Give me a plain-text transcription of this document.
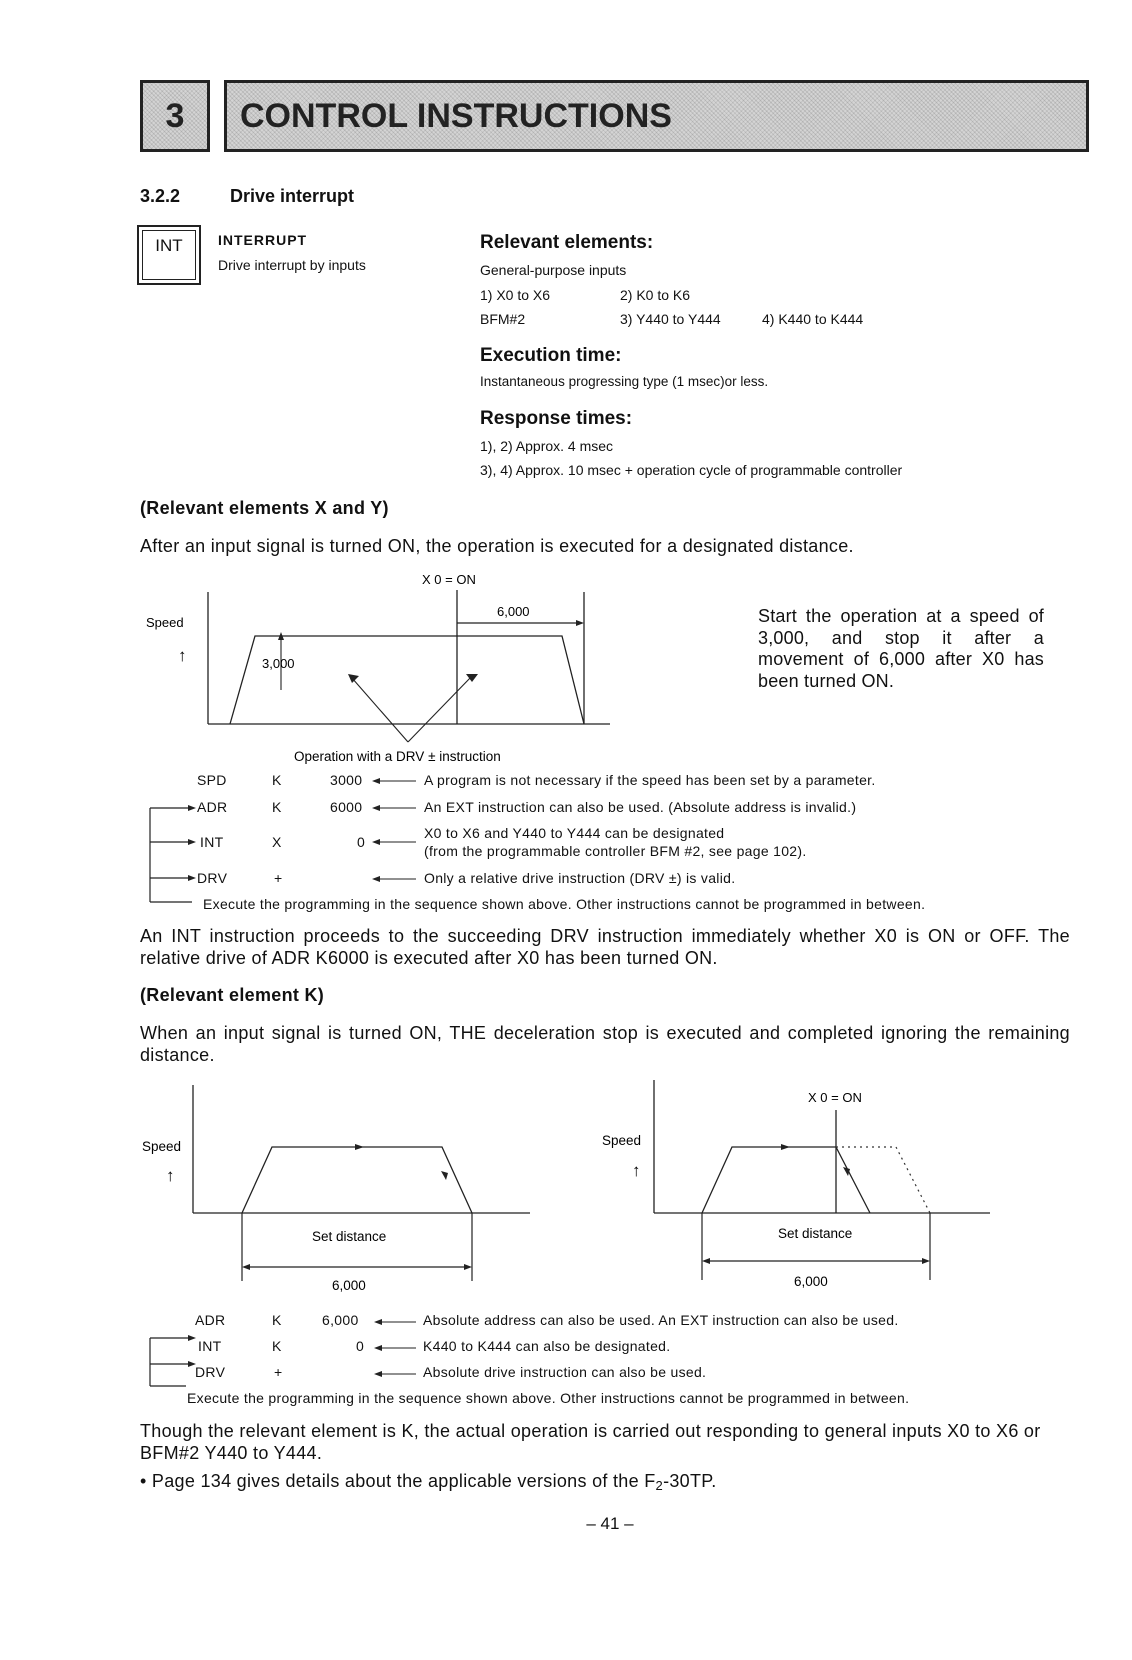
3	CONTROL INSTRUCTIONS
3.2.2	Drive interrupt
INT	INTERRUPT
Drive interrupt by inputs
Relevant elements:
General-purpose inputs
1) X0 to X6	2) K0 to K6
BFM#2	3) Y440 to Y444	4) K440 to K444
Execution time:
Instantaneous progressing type (1 msec)or less.
Response times:
1), 2) Approx. 4 msec
3), 4) Approx. 10 msec + operation cycle of programmable controller
(Relevant elements X and Y)
After an input signal is turned ON, the operation is executed for a designated distance.
X 0 = ON
6,000
3,000
Speed
↑
Operation with a DRV ± instruction
Start the operation at a speed of 3,000, and stop it after a movement of 6,000 after X0 has been turned ON.
SPD	K	3000	A program is not necessary if the speed has been set by a parameter.
ADR	K	6000	An EXT instruction can also be used. (Absolute address is invalid.)
INT	X	0
X0 to X6 and Y440 to Y444 can be designated
(from the programmable controller BFM #2, see page 102).
DRV	+	Only a relative drive instruction (DRV ±) is valid.
Execute the programming in the sequence shown above. Other instructions cannot be programmed in between.
An INT instruction proceeds to the succeeding DRV instruction immediately whether X0 is ON or OFF. The relative drive of ADR K6000 is executed after X0 has been turned ON.
(Relevant element K)
When an input signal is turned ON, THE deceleration stop is executed and completed ignoring the remaining distance.
Set distance
6,000
Speed
↑
X 0 = ON
Set distance
6,000
Speed
↑
ADR	K	6,000	Absolute address can also be used. An EXT instruction can also be used.
INT	K	0	K440 to K444 can also be designated.
DRV	+	Absolute drive instruction can also be used.
Execute the programming in the sequence shown above. Other instructions cannot be programmed in between.
Though the relevant element is K, the actual operation is carried out responding to general inputs X0 to X6 or BFM#2 Y440 to Y444.
• Page 134 gives details about the applicable versions of the F2-30TP.
– 41 –
